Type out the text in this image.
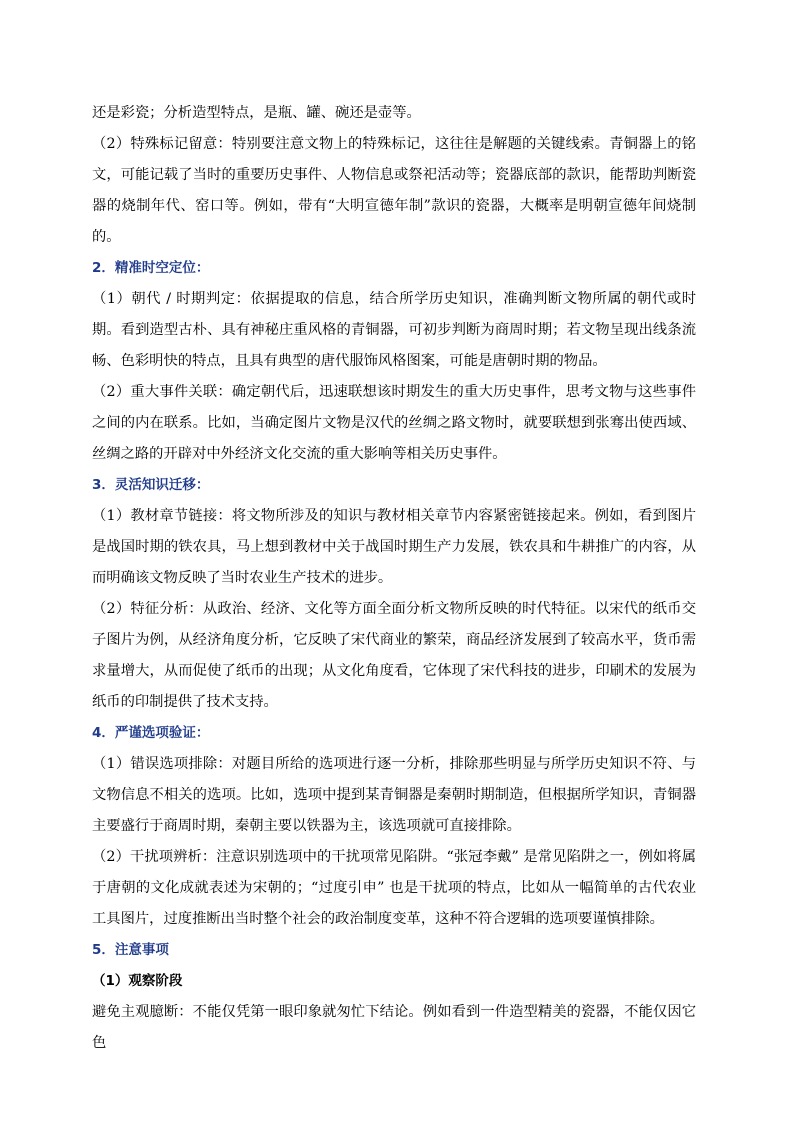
还是彩瓷；分析造型特点，是瓶、罐、碗还是壶等。

（2）特殊标记留意：特别要注意文物上的特殊标记，这往往是解题的关键线索。青铜器上的铭文，可能记载了当时的重要历史事件、人物信息或祭祀活动等；瓷器底部的款识，能帮助判断瓷器的烧制年代、窑口等。例如，带有“大明宣德年制”款识的瓷器，大概率是明朝宣德年间烧制的。

2．精准时空定位：

（1）朝代 / 时期判定：依据提取的信息，结合所学历史知识，准确判断文物所属的朝代或时期。看到造型古朴、具有神秘庄重风格的青铜器，可初步判断为商周时期；若文物呈现出线条流畅、色彩明快的特点，且具有典型的唐代服饰风格图案，可能是唐朝时期的物品。

（2）重大事件关联：确定朝代后，迅速联想该时期发生的重大历史事件，思考文物与这些事件之间的内在联系。比如，当确定图片文物是汉代的丝绸之路文物时，就要联想到张骞出使西域、丝绸之路的开辟对中外经济文化交流的重大影响等相关历史事件。

3．灵活知识迁移：

（1）教材章节链接：将文物所涉及的知识与教材相关章节内容紧密链接起来。例如，看到图片是战国时期的铁农具，马上想到教材中关于战国时期生产力发展，铁农具和牛耕推广的内容，从而明确该文物反映了当时农业生产技术的进步。

（2）特征分析：从政治、经济、文化等方面全面分析文物所反映的时代特征。以宋代的纸币交子图片为例，从经济角度分析，它反映了宋代商业的繁荣，商品经济发展到了较高水平，货币需求量增大，从而促使了纸币的出现；从文化角度看，它体现了宋代科技的进步，印刷术的发展为纸币的印制提供了技术支持。

4．严谨选项验证：

（1）错误选项排除：对题目所给的选项进行逐一分析，排除那些明显与所学历史知识不符、与文物信息不相关的选项。比如，选项中提到某青铜器是秦朝时期制造，但根据所学知识，青铜器主要盛行于商周时期，秦朝主要以铁器为主，该选项就可直接排除。

（2）干扰项辨析：注意识别选项中的干扰项常见陷阱。“张冠李戴” 是常见陷阱之一，例如将属于唐朝的文化成就表述为宋朝的；“过度引申” 也是干扰项的特点，比如从一幅简单的古代农业工具图片，过度推断出当时整个社会的政治制度变革，这种不符合逻辑的选项要谨慎排除。

5．注意事项

（1）观察阶段

避免主观臆断：不能仅凭第一眼印象就匆忙下结论。例如看到一件造型精美的瓷器，不能仅因它色
